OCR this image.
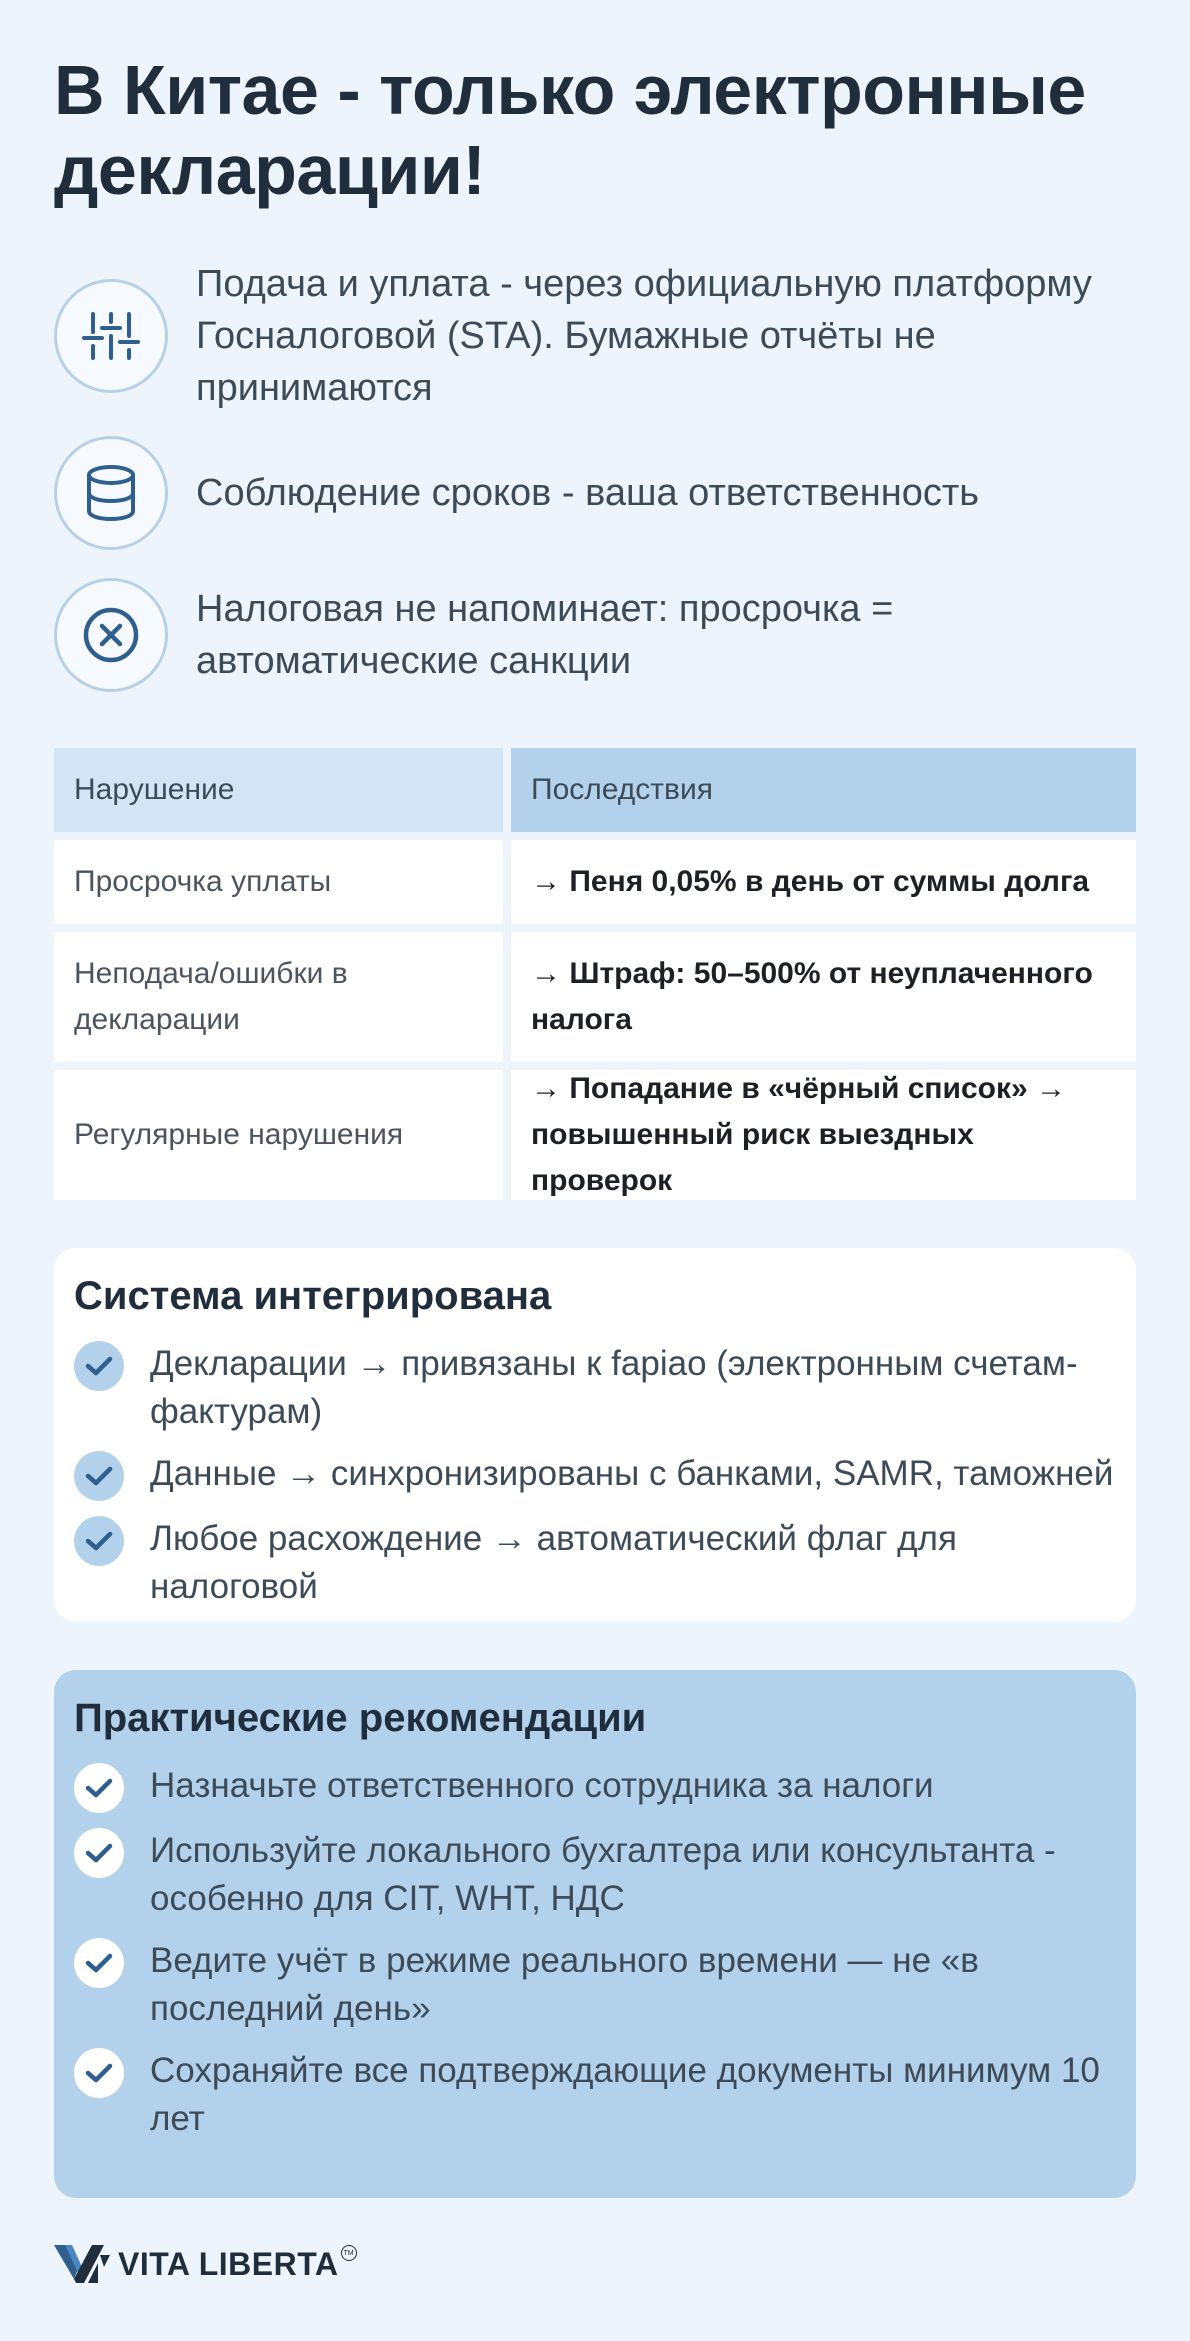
В Китае - только электронные декларации!
Подача и уплата - через официальную платформу Госналоговой (STA). Бумажные отчёты не принимаются
Соблюдение сроков - ваша ответственность
Налоговая не напоминает: просрочка = автоматические санкции
Нарушение	Последствия
Просрочка уплаты	→ Пеня 0,05% в день от суммы долга
Неподача/ошибки в декларации
→ Штраф: 50–500% от неуплаченного налога
Регулярные нарушения
→ Попадание в «чёрный список» → повышенный риск выездных проверок
Система интегрирована
Декларации → привязаны к fapiao (электронным счетам-фактурам)
Данные → синхронизированы с банками, SAMR, таможней
Любое расхождение → автоматический флаг для налоговой
Практические рекомендации
Назначьте ответственного сотрудника за налоги
Используйте локального бухгалтера или консультанта - особенно для CIT, WHT, НДС
Ведите учёт в режиме реального времени — не «в последний день»
Сохраняйте все подтверждающие документы минимум 10 лет
VITA LIBERTA TM
